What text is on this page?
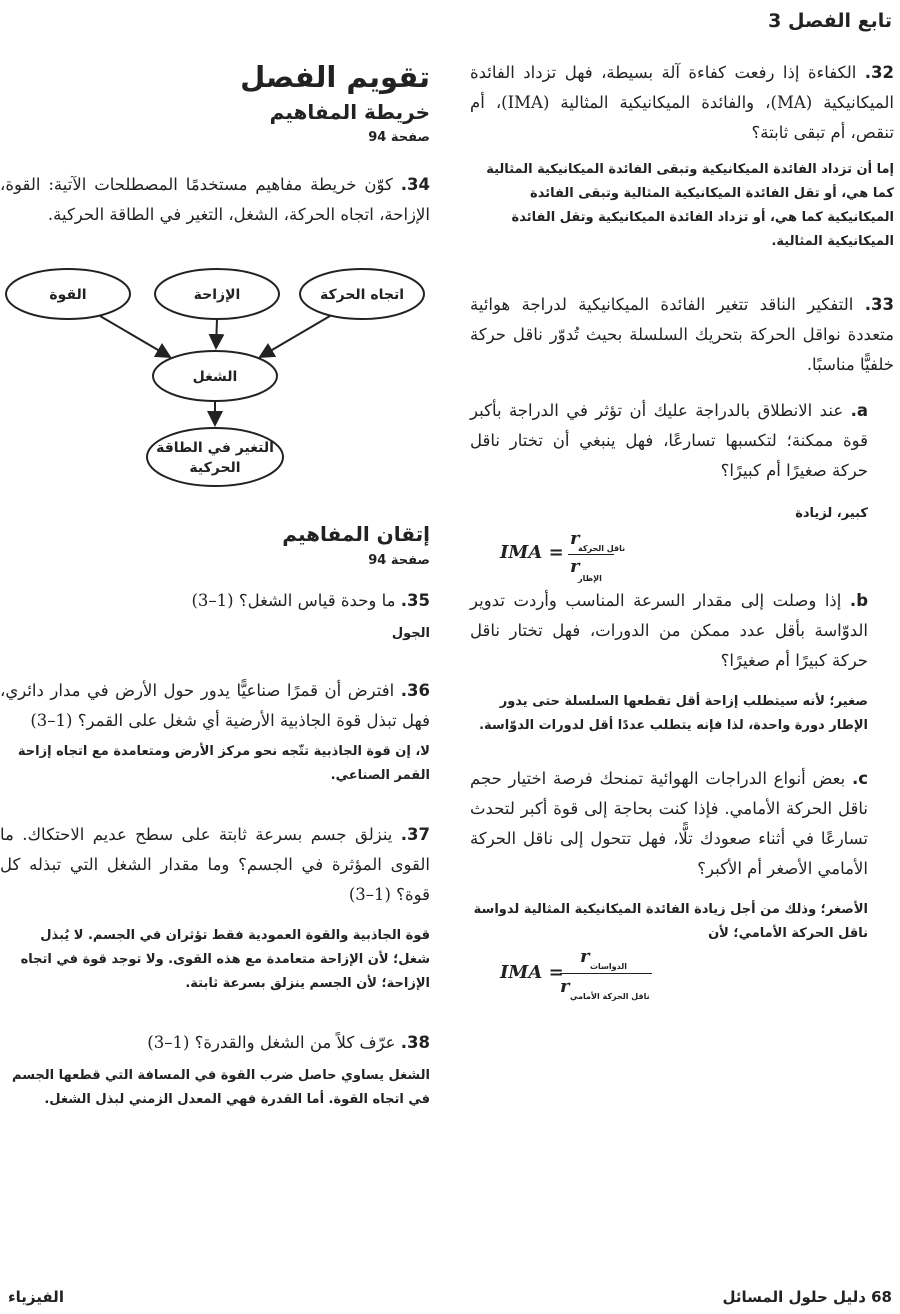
تابع الفصل 3
32. الكفاءة إذا رفعت كفاءة آلة بسيطة، فهل تزداد الفائدة الميكانيكية (MA)، والفائدة الميكانيكية المثالية (IMA)، أم تنقص، أم تبقى ثابتة؟
إما أن تزداد الفائدة الميكانيكية وتبقى الفائدة الميكانيكية المثالية كما هي، أو تقل الفائدة الميكانيكية المثالية وتبقى الفائدة الميكانيكية كما هي، أو تزداد الفائدة الميكانيكية وتقل الفائدة الميكانيكية المثالية.
33. التفكير الناقد تتغير الفائدة الميكانيكية لدراجة هوائية متعددة نواقل الحركة بتحريك السلسلة بحيث تُدوّر ناقل حركة خلفيًّا مناسبًا.
a. عند الانطلاق بالدراجة عليك أن تؤثر في الدراجة بأكبر قوة ممكنة؛ لتكسبها تسارعًا، فهل ينبغي أن تختار ناقل حركة صغيرًا أم كبيرًا؟
كبير، لزيادة
IMA =
r
ناقل الحركة
r
الإطار
b. إذا وصلت إلى مقدار السرعة المناسب وأردت تدوير الدوّاسة بأقل عدد ممكن من الدورات، فهل تختار ناقل حركة كبيرًا أم صغيرًا؟
صغير؛ لأنه سيتطلب إزاحة أقل تقطعها السلسلة حتى يدور الإطار دورة واحدة، لذا فإنه يتطلب عددًا أقل لدورات الدوّاسة.
c. بعض أنواع الدراجات الهوائية تمنحك فرصة اختيار حجم ناقل الحركة الأمامي. فإذا كنت بحاجة إلى قوة أكبر لتحدث تسارعًا في أثناء صعودك تلًّا، فهل تتحول إلى ناقل الحركة الأمامي الأصغر أم الأكبر؟
الأصغر؛ وذلك من أجل زيادة الفائدة الميكانيكية المثالية لدواسة ناقل الحركة الأمامي؛ لأن
IMA =
r الدواسات
r ناقل الحركة الأمامي
تقويم الفصل
خريطة المفاهيم
صفحة 94
34. كوّن خريطة مفاهيم مستخدمًا المصطلحات الآتية: القوة، الإزاحة، اتجاه الحركة، الشغل، التغير في الطاقة الحركية.
القوة	الإزاحة	اتجاه الحركة
الشغل
التغير في الطاقة
الحركية
إتقان المفاهيم
صفحة 94
35. ما وحدة قياس الشغل؟ (1–3)
الجول
36. افترض أن قمرًا صناعيًّا يدور حول الأرض في مدار دائري، فهل تبذل قوة الجاذبية الأرضية أي شغل على القمر؟ (1–3)
لا، إن قوة الجاذبية تتّجه نحو مركز الأرض ومتعامدة مع اتجاه إزاحة القمر الصناعي.
37. ينزلق جسم بسرعة ثابتة على سطح عديم الاحتكاك. ما القوى المؤثرة في الجسم؟ وما مقدار الشغل التي تبذله كل قوة؟ (1–3)
قوة الجاذبية والقوة العمودية فقط تؤثران في الجسم. لا يُبذل شغل؛ لأن الإزاحة متعامدة مع هذه القوى. ولا توجد قوة في اتجاه الإزاحة؛ لأن الجسم ينزلق بسرعة ثابتة.
38. عرّف كلاً من الشغل والقدرة؟ (1–3)
الشغل يساوي حاصل ضرب القوة في المسافة التي قطعها الجسم في اتجاه القوة. أما القدرة فهي المعدل الزمني لبذل الشغل.
68 دليل حلول المسائل
الفيزياء
